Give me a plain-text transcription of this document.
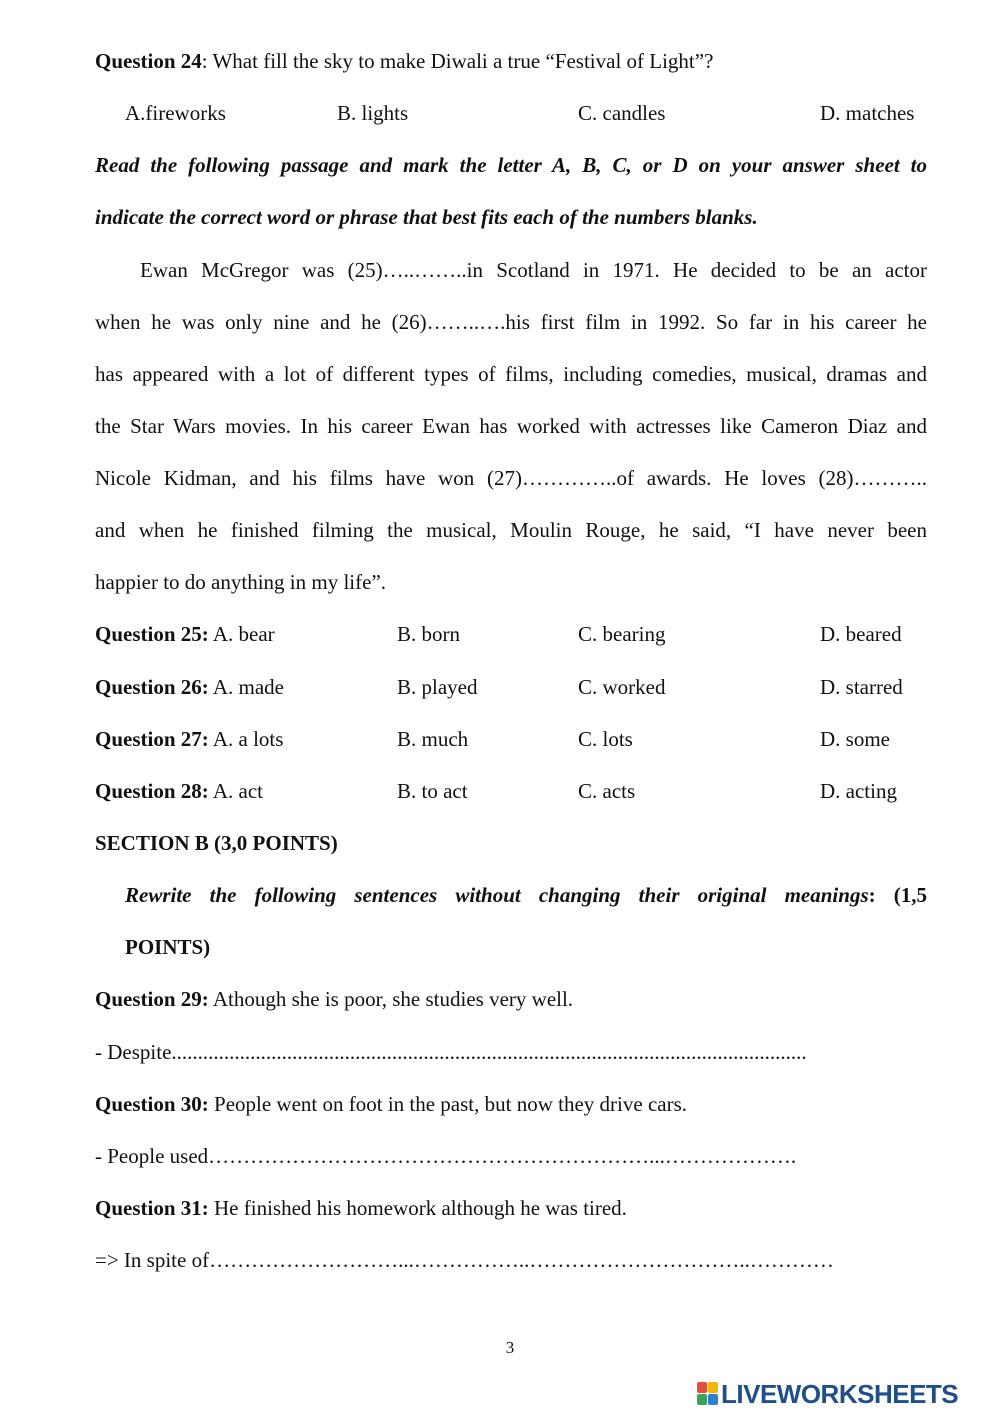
Question 24: What fill the sky to make Diwali a true “Festival of Light”?
A.fireworks	B. lights	C. candles	D. matches
Read the following passage and mark the letter A, B, C, or D on your answer sheet to
indicate the correct word or phrase that best fits each of the numbers blanks.
Ewan McGregor was (25)…..……..in Scotland in 1971. He decided to be an actor
when he was only nine and he (26)……..….his first film in 1992. So far in his career he
has appeared with a lot of different types of films, including comedies, musical, dramas and
the Star Wars movies. In his career Ewan has worked with actresses like Cameron Diaz and
Nicole Kidman, and his films have won (27)…………..of awards. He loves (28)………..
and when he finished filming the musical, Moulin Rouge, he said, “I have never been
happier to do anything in my life”.
Question 25: A. bear	B. born	C. bearing	D. beared
Question 26: A. made	B. played	C. worked	D. starred
Question 27: A. a lots	B. much	C. lots	D. some
Question 28: A. act	B. to act	C. acts	D. acting
SECTION B (3,0 POINTS)
Rewrite the following sentences without changing their original meanings: (1,5
POINTS)
Question 29: Athough she is poor, she studies very well.
- Despite.........................................................................................................................
Question 30: People went on foot in the past, but now they drive cars.
- People used………………………………………………………...……………….
Question 31: He finished his homework although he was tired.
=> In spite of………………………...……………..…………………………..…………
3
LIVEWORKSHEETS
